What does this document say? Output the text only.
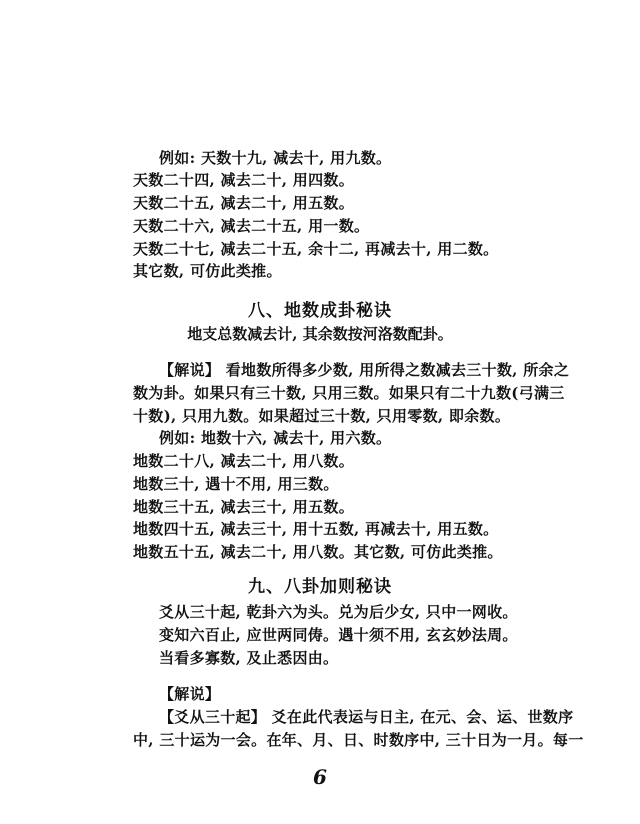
例如: 天数十九, 减去十, 用九数。
天数二十四, 减去二十, 用四数。
天数二十五, 减去二十, 用五数。
天数二十六, 减去二十五, 用一数。
天数二十七, 减去二十五, 余十二, 再减去十, 用二数。
其它数, 可仿此类推。
八、地数成卦秘诀
地支总数减去计, 其余数按河洛数配卦。
【解说】 看地数所得多少数, 用所得之数减去三十数, 所余之
数为卦。如果只有三十数, 只用三数。如果只有二十九数(弓满三
十数), 只用九数。如果超过三十数, 只用零数, 即余数。
例如: 地数十六, 减去十, 用六数。
地数二十八, 减去二十, 用八数。
地数三十, 遇十不用, 用三数。
地数三十五, 减去三十, 用五数。
地数四十五, 减去三十, 用十五数, 再减去十, 用五数。
地数五十五, 减去二十, 用八数。其它数, 可仿此类推。
九、八卦加则秘诀
爻从三十起, 乾卦六为头。兑为后少女, 只中一网收。
变知六百止, 应世两同俦。遇十须不用, 玄玄妙法周。
当看多寡数, 及止悉因由。
【解说】
【爻从三十起】 爻在此代表运与日主, 在元、会、运、世数序
中, 三十运为一会。在年、月、日、时数序中, 三十日为一月。每一
6
